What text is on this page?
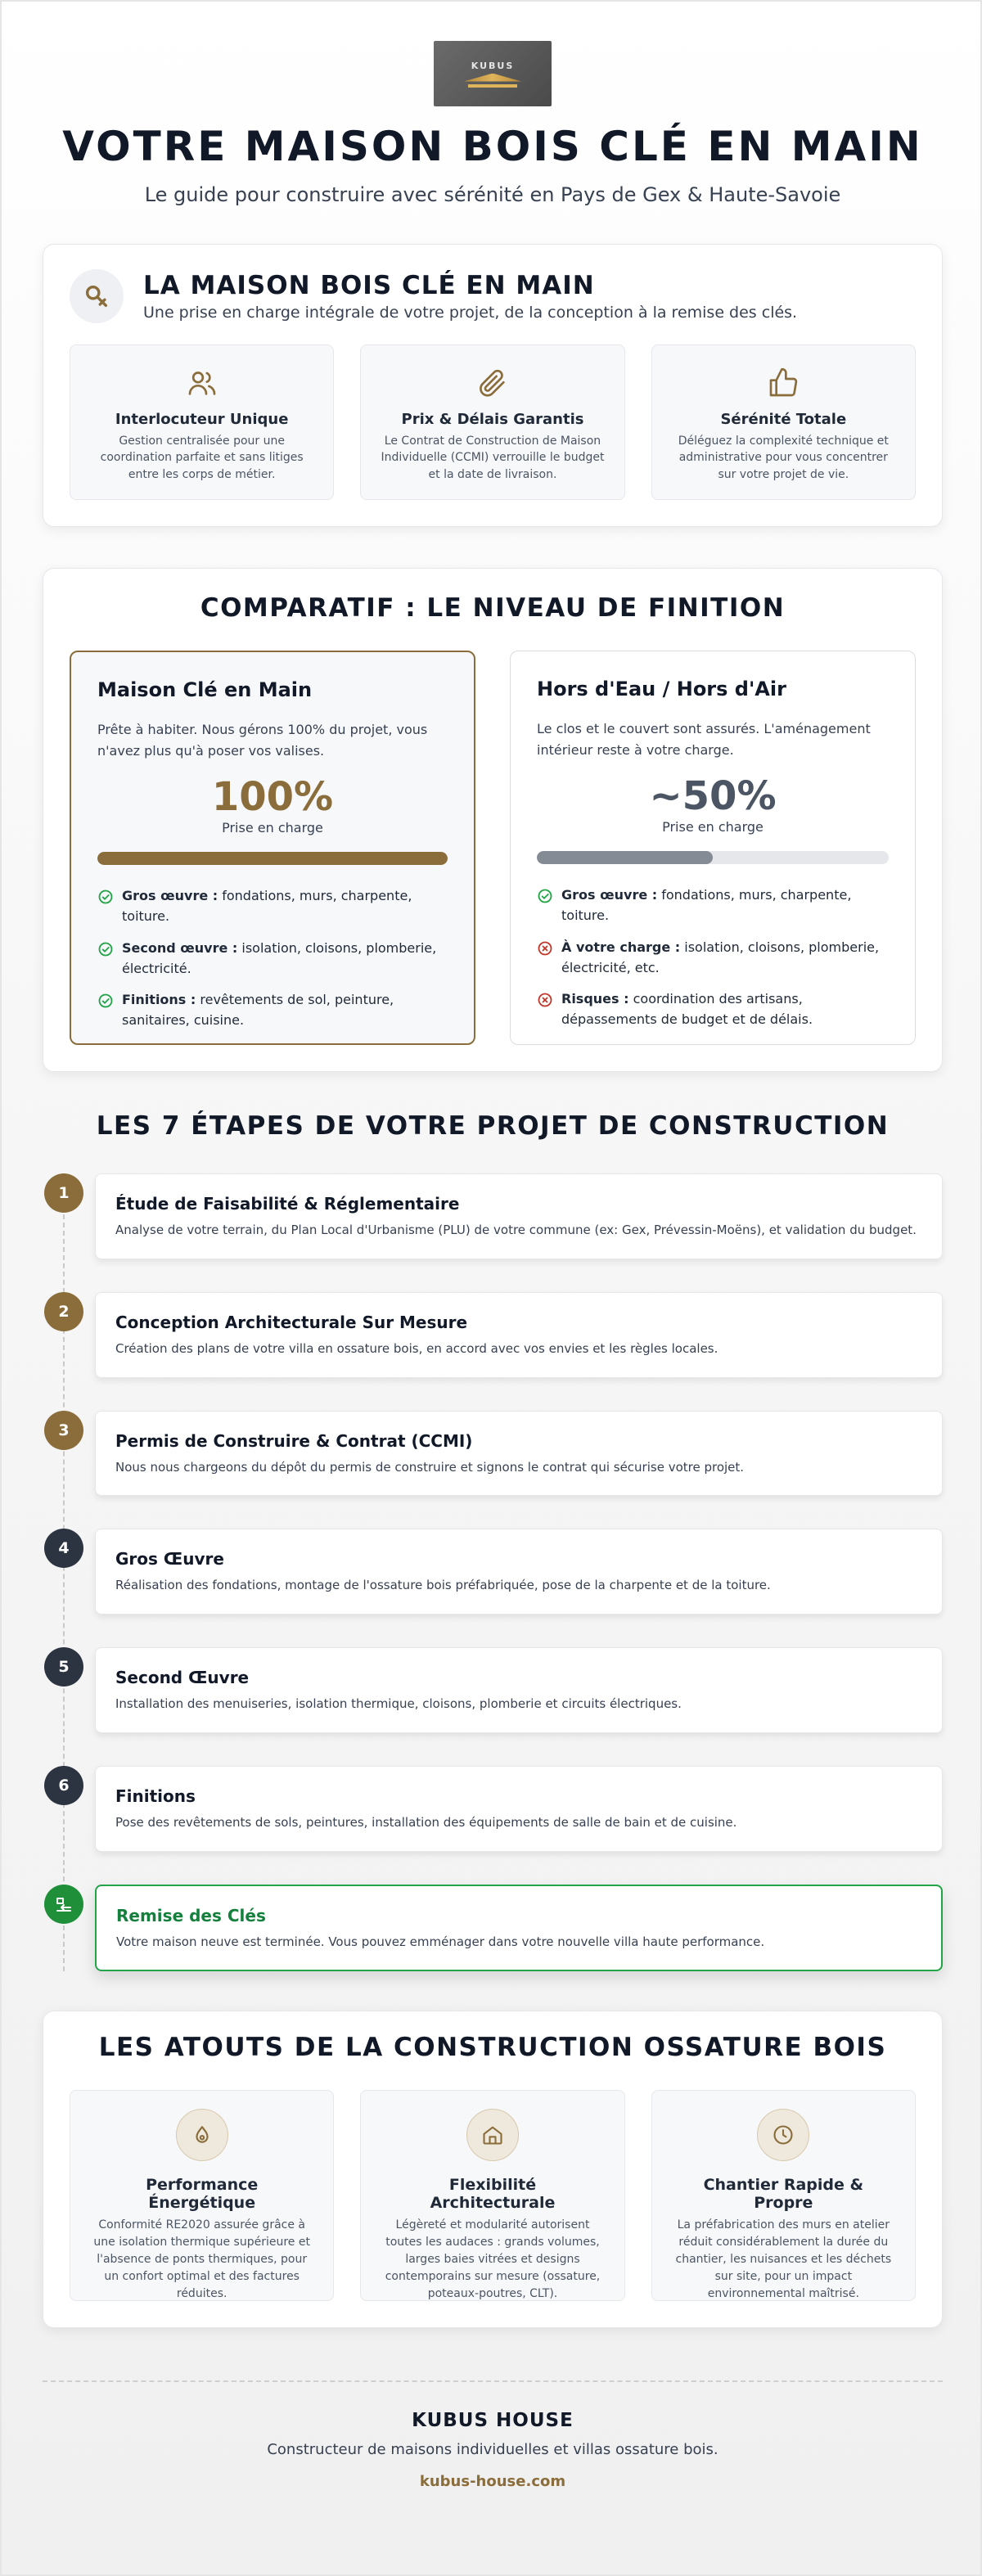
KUBUS
VOTRE MAISON BOIS CLÉ EN MAIN

Le guide pour construire avec sérénité en Pays de Gex & Haute-Savoie

LA MAISON BOIS CLÉ EN MAIN

Une prise en charge intégrale de votre projet, de la conception à la remise des clés.

Interlocuteur Unique

Gestion centralisée pour une coordination parfaite et sans litiges entre les corps de métier.

Prix & Délais Garantis

Le Contrat de Construction de Maison Individuelle (CCMI) verrouille le budget et la date de livraison.

Sérénité Totale

Déléguez la complexité technique et administrative pour vous concentrer sur votre projet de vie.

COMPARATIF : LE NIVEAU DE FINITION
Maison Clé en Main

Prête à habiter. Nous gérons 100% du projet, vous n'avez plus qu'à poser vos valises.

100%
Prise en charge
Gros œuvre : fondations, murs, charpente, toiture.
Second œuvre : isolation, cloisons, plomberie, électricité.
Finitions : revêtements de sol, peinture, sanitaires, cuisine.
Hors d'Eau / Hors d'Air

Le clos et le couvert sont assurés. L'aménagement intérieur reste à votre charge.

~50%
Prise en charge
Gros œuvre : fondations, murs, charpente, toiture.
À votre charge : isolation, cloisons, plomberie, électricité, etc.
Risques : coordination des artisans, dépassements de budget et de délais.
LES 7 ÉTAPES DE VOTRE PROJET DE CONSTRUCTION
1
Étude de Faisabilité & Réglementaire

Analyse de votre terrain, du Plan Local d'Urbanisme (PLU) de votre commune (ex: Gex, Prévessin-Moëns), et validation du budget.

2
Conception Architecturale Sur Mesure

Création des plans de votre villa en ossature bois, en accord avec vos envies et les règles locales.

3
Permis de Construire & Contrat (CCMI)

Nous nous chargeons du dépôt du permis de construire et signons le contrat qui sécurise votre projet.

4
Gros Œuvre

Réalisation des fondations, montage de l'ossature bois préfabriquée, pose de la charpente et de la toiture.

5
Second Œuvre

Installation des menuiseries, isolation thermique, cloisons, plomberie et circuits électriques.

6
Finitions

Pose des revêtements de sols, peintures, installation des équipements de salle de bain et de cuisine.

Remise des Clés

Votre maison neuve est terminée. Vous pouvez emménager dans votre nouvelle villa haute performance.

LES ATOUTS DE LA CONSTRUCTION OSSATURE BOIS
Performance Énergétique

Conformité RE2020 assurée grâce à une isolation thermique supérieure et l'absence de ponts thermiques, pour un confort optimal et des factures réduites.

Flexibilité Architecturale

Légèreté et modularité autorisent toutes les audaces : grands volumes, larges baies vitrées et designs contemporains sur mesure (ossature, poteaux-poutres, CLT).

Chantier Rapide & Propre

La préfabrication des murs en atelier réduit considérablement la durée du chantier, les nuisances et les déchets sur site, pour un impact environnemental maîtrisé.

KUBUS HOUSE

Constructeur de maisons individuelles et villas ossature bois.

kubus-house.com
